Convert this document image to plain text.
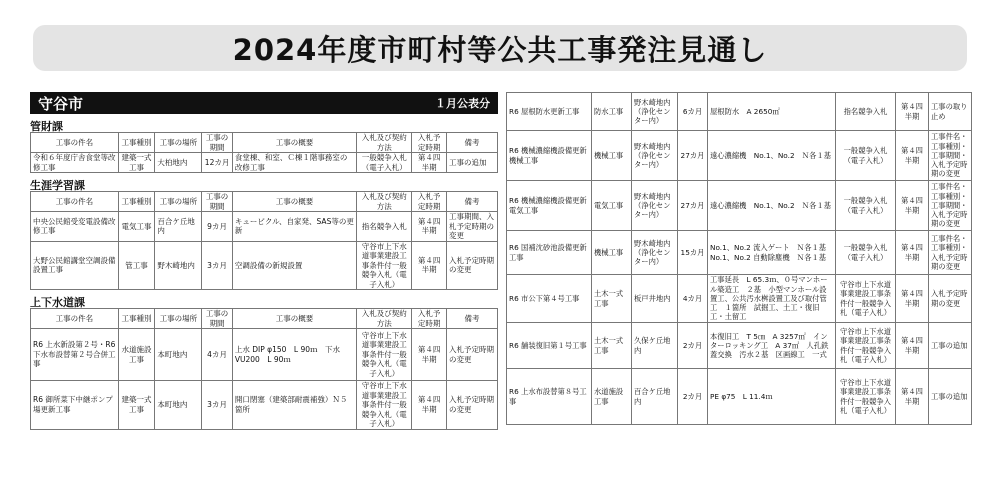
2024年度市町村等公共工事発注見通し
守谷市	１月公表分
管財課
工事の件名	工事種別	工事の場所	工事の期間	工事の概要	入札及び契約方法	入札予定時期	備考
令和６年度庁舎食堂等改修工事	建築一式工事	大柏地内	12カ月	食堂棟、和室、Ｃ棟１階事務室の改修工事	一般競争入札（電子入札）	第４四半期	工事の追加
生涯学習課
工事の件名	工事種別	工事の場所	工事の期間	工事の概要	入札及び契約方法	入札予定時期	備考
中央公民館受変電設備改修工事	電気工事	百合ケ丘地内	9カ月	キュービクル、自家発、SAS等の更新	指名競争入札	第４四半期	工事期間、入札予定時期の変更
大野公民館講堂空調設備設置工事	管工事	野木崎地内	3カ月	空調設備の新規設置	守谷市上下水道事業建設工事条件付一般競争入札（電子入札）	第４四半期	入札予定時期の変更
上下水道課
工事の件名	工事種別	工事の場所	工事の期間	工事の概要	入札及び契約方法	入札予定時期	備考
R6 上水新設第２号・R6 下水布設替第２号合併工事	水道施設工事	本町地内	4カ月	上水 DIP φ150　L 90ｍ　下水 VU200　L 90ｍ	守谷市上下水道事業建設工事条件付一般競争入札（電子入札）	第４四半期	入札予定時期の変更
R6 御所菜下中継ポンプ場更新工事	建築一式工事	本町地内	3カ月	開口閉塞（建築部耐震補強）Ｎ５箇所	守谷市上下水道事業建設工事条件付一般競争入札（電子入札）	第４四半期	入札予定時期の変更
R6 屋根防水更新工事	防水工事	野木崎地内（浄化センター内）	6カ月	屋根防水　A 2650㎡	指名競争入札	第４四半期	工事の取り止め
R6 機械濃縮機設備更新機械工事	機械工事	野木崎地内（浄化センター内）	27カ月	遠心濃縮機　No.1、No.2　Ｎ各１基	一般競争入札（電子入札）	第４四半期	工事件名・工事種別・工事期間・入札予定時期の変更
R6 機械濃縮機設備更新電気工事	電気工事	野木崎地内（浄化センター内）	27カ月	遠心濃縮機　No.1、No.2　Ｎ各１基	一般競争入札（電子入札）	第４四半期	工事件名・工事種別・工事期間・入札予定時期の変更
R6 国補沈砂池設備更新工事	機械工事	野木崎地内（浄化センター内）	15カ月	No.1、No.2 流入ゲート　Ｎ各１基　No.1、No.2 自動除塵機　Ｎ各１基	一般競争入札（電子入札）	第４四半期	工事件名・工事種別・入札予定時期の変更
R6 市公下第４号工事	土木一式工事	板戸井地内	4カ月	工事延長　L 65.3ｍ、０号マンホール築造工　２基　小型マンホール設置工、公共汚水桝設置工及び取付管工　１箇所　試掘工、土工・復旧工・土留工	守谷市上下水道事業建設工事条件付一般競争入札（電子入札）	第４四半期	入札予定時期の変更
R6 舗装復旧第１号工事	土木一式工事	久保ケ丘地内	2カ月	本復旧工　T 5㎝　A 3257㎡　インターロッキング工　A 37㎡　人孔鉄蓋交換　汚水２基　区画線工　一式	守谷市上下水道事業建設工事条件付一般競争入札（電子入札）	第４四半期	工事の追加
R6 上水布設替第８号工事	水道施設工事	百合ケ丘地内	2カ月	PE φ75　L 11.4ｍ	守谷市上下水道事業建設工事条件付一般競争入札（電子入札）	第４四半期	工事の追加
